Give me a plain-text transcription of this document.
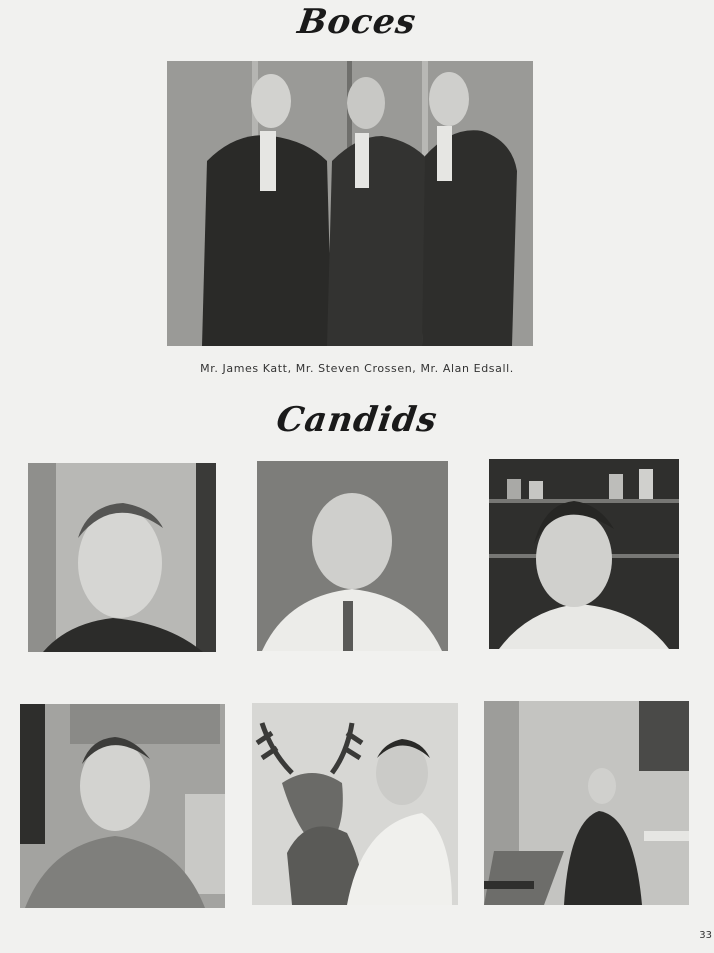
Boces
Mr. James Katt, Mr. Steven Crossen, Mr. Alan Edsall.
Candids
33
